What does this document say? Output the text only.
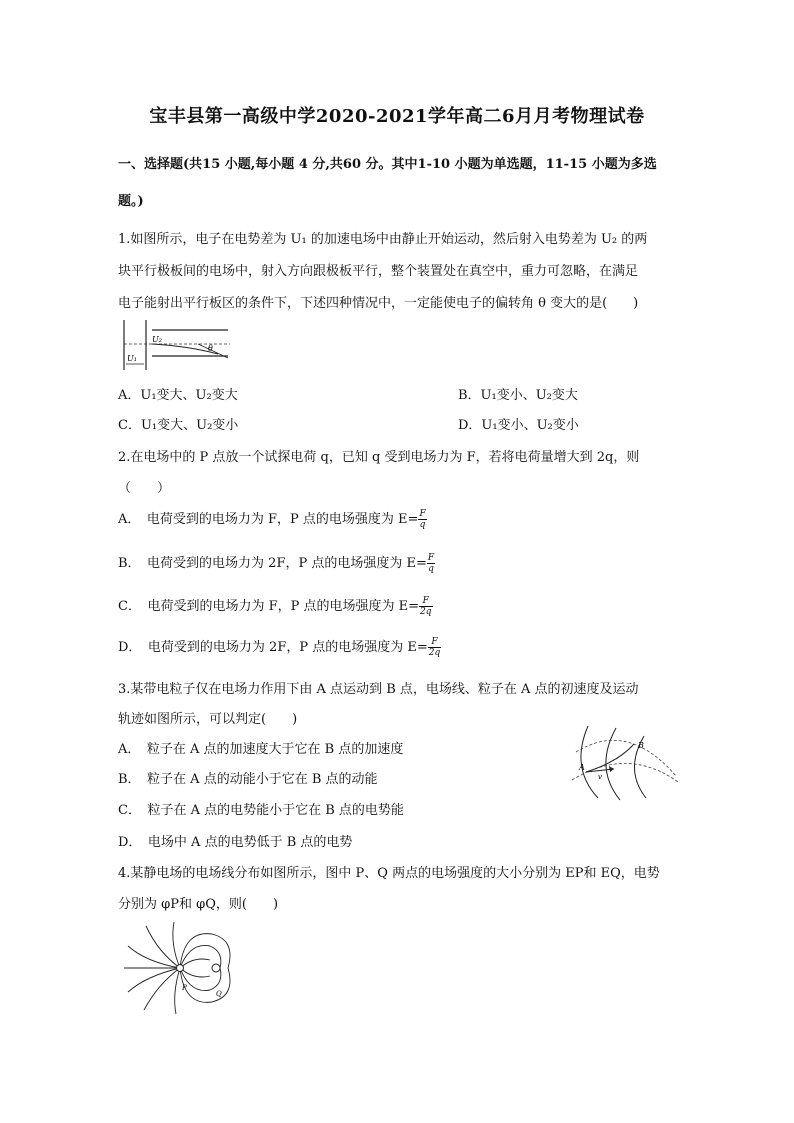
宝丰县第一高级中学2020-2021学年高二6月月考物理试卷
一、选择题(共15 小题,每小题 4 分,共60 分。其中1-10 小题为单选题，11-15 小题为多选
题。)
1.如图所示，电子在电势差为 U₁ 的加速电场中由静止开始运动，然后射入电势差为 U₂ 的两
块平行极板间的电场中，射入方向跟极板平行，整个装置处在真空中，重力可忽略，在满足
电子能射出平行板区的条件下，下述四种情况中，一定能使电子的偏转角 θ 变大的是(　　)
U₂
U₁
θ
A．U₁变大、U₂变大	B．U₁变小、U₂变大
C．U₁变大、U₂变小	D．U₁变小、U₂变小
2.在电场中的 P 点放一个试探电荷 q，已知 q 受到电场力为 F，若将电荷量增大到 2q，则
（　　）
A．　电荷受到的电场力为 F，P 点的电场强度为 $E= \frac{F}{q}$
B．　电荷受到的电场力为 2F，P 点的电场强度为 $E= \frac{F}{q}$
C．　电荷受到的电场力为 F，P 点的电场强度为 $E= \frac{F}{2q}$
D．　电荷受到的电场力为 2F，P 点的电场强度为 $E= \frac{F}{2q}$
3.某带电粒子仅在电场力作用下由 A 点运动到 B 点，电场线、粒子在 A 点的初速度及运动
轨迹如图所示，可以判定(　　)
A
B
v
A．　粒子在 A 点的加速度大于它在 B 点的加速度
B．　粒子在 A 点的动能小于它在 B 点的动能
C．　粒子在 A 点的电势能小于它在 B 点的电势能
D．　电场中 A 点的电势低于 B 点的电势
4.某静电场的电场线分布如图所示，图中 P、Q 两点的电场强度的大小分别为 EP和 EQ，电势
分别为 φP和 φQ，则(　　)
P
Q
